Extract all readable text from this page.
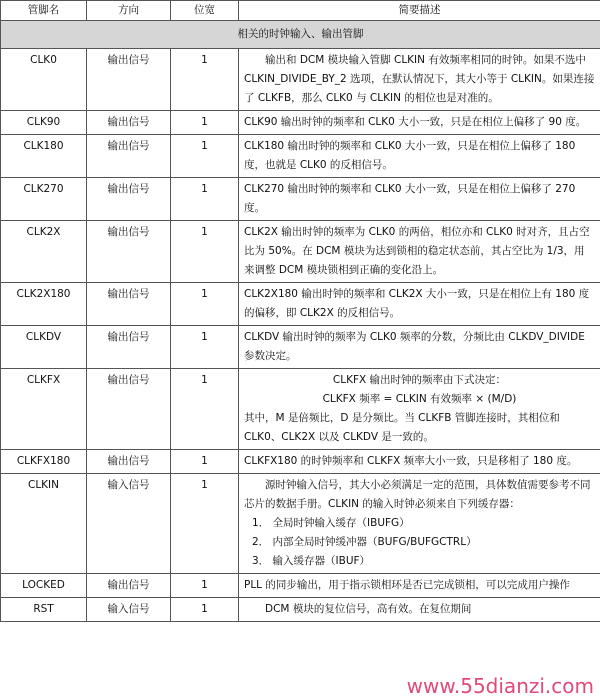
管脚名	方向	位宽	简要描述
相关的时钟输入、输出管脚			
CLK0	输出信号	1	输出和 DCM 模块输入管脚 CLKIN 有效频率相同的时钟。如果不选中 CLKIN_DIVIDE_BY_2 选项，在默认情况下，其大小等于 CLKIN。如果连接了 CLKFB，那么 CLK0 与 CLKIN 的相位也是对准的。

CLK90	输出信号	1	CLK90 输出时钟的频率和 CLK0 大小一致，只是在相位上偏移了 90 度。

CLK180	输出信号	1	CLK180 输出时钟的频率和 CLK0 大小一致，只是在相位上偏移了 180 度，也就是 CLK0 的反相信号。

CLK270	输出信号	1	CLK270 输出时钟的频率和 CLK0 大小一致，只是在相位上偏移了 270 度。

CLK2X	输出信号	1	CLK2X 输出时钟的频率为 CLK0 的两倍，相位亦和 CLK0 时对齐，且占空比为 50%。在 DCM 模块为达到锁相的稳定状态前，其占空比为 1/3，用来调整 DCM 模块锁相到正确的变化沿上。

CLK2X180	输出信号	1	CLK2X180 输出时钟的频率和 CLK2X 大小一致，只是在相位上有 180 度的偏移，即 CLK2X 的反相信号。

CLKDV	输出信号	1	CLKDV 输出时钟的频率为 CLK0 频率的分数，分频比由 CLKDV_DIVIDE 参数决定。

CLKFX	输出信号	1	CLKFX 输出时钟的频率由下式决定：

CLKFX 频率 = CLKIN 有效频率 × (M/D)

其中，M 是倍频比，D 是分频比。当 CLKFB 管脚连接时，其相位和 CLK0、CLK2X 以及 CLKDV 是一致的。

CLKFX180	输出信号	1	CLKFX180 的时钟频率和 CLKFX 频率大小一致，只是移相了 180 度。

CLKIN	输入信号	1	源时钟输入信号，其大小必须满足一定的范围，具体数值需要参考不同芯片的数据手册。CLKIN 的输入时钟必须来自下列缓存器：

1． 全局时钟输入缓存（IBUFG）

2． 内部全局时钟缓冲器（BUFG/BUFGCTRL）

3． 输入缓存器（IBUF）

LOCKED	输出信号	1	PLL 的同步输出，用于指示锁相环是否已完成锁相，可以完成用户操作

RST	输入信号	1	DCM 模块的复位信号，高有效。在复位期间

www.55dianzi.com
